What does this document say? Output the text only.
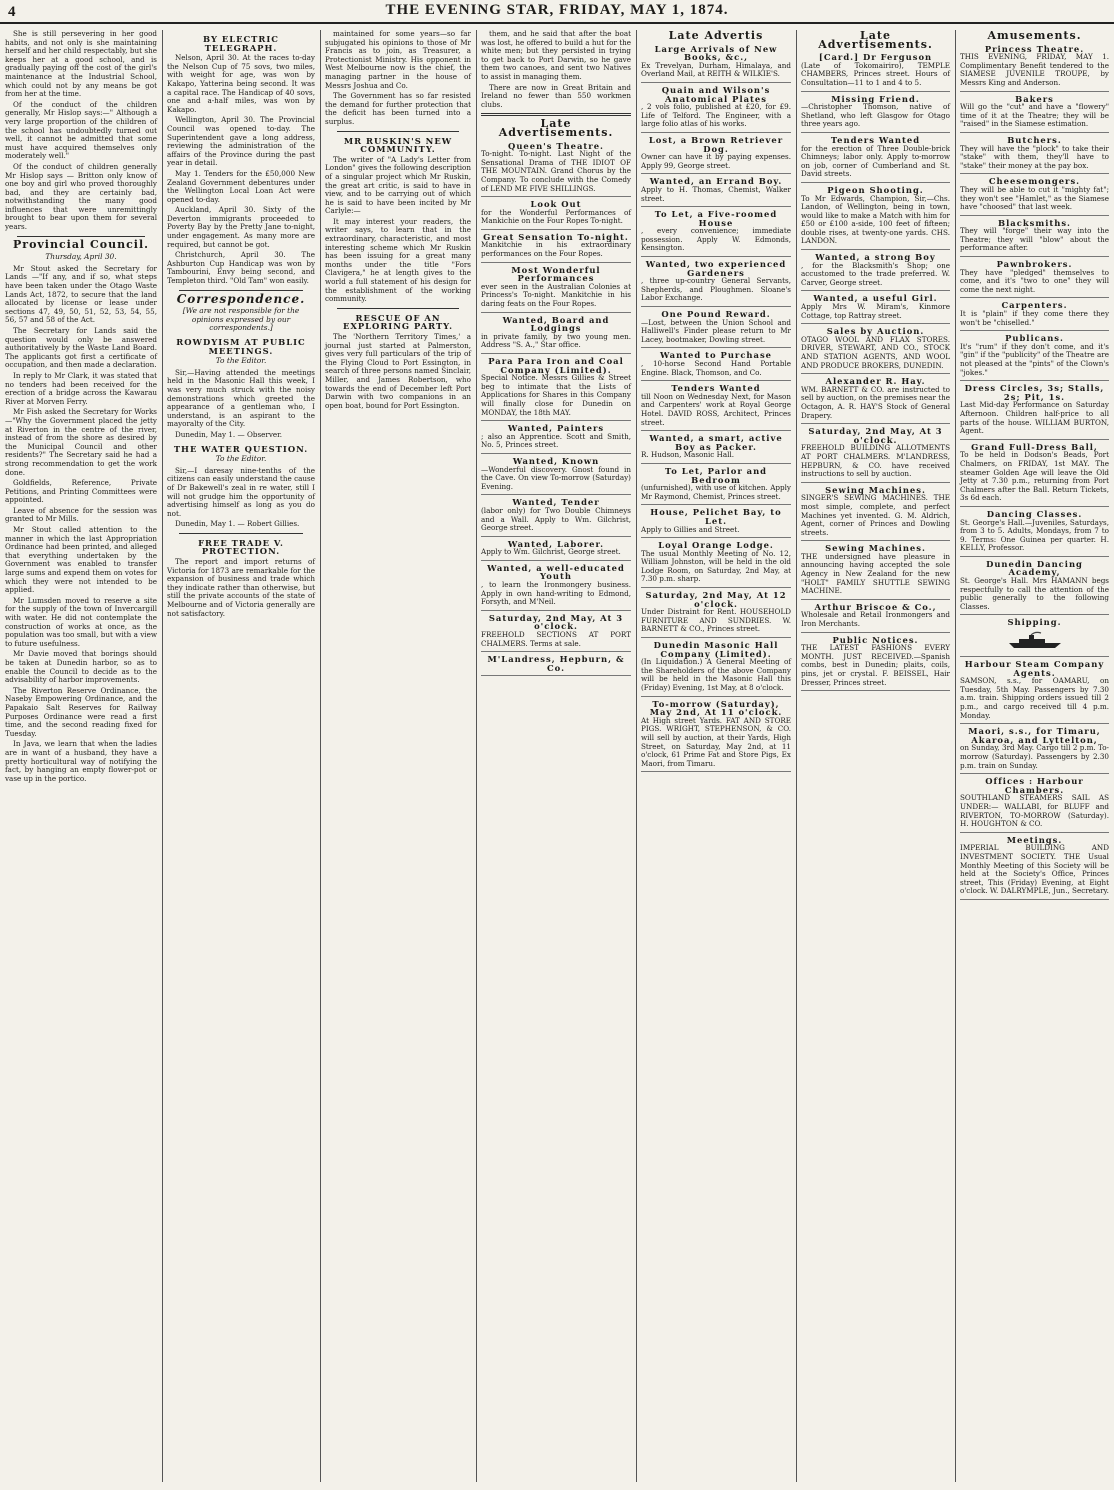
4	THE EVENING STAR, FRIDAY, MAY 1, 1874.

She is still persevering in her good habits, and not only is she maintaining herself and her child respectably, but she keeps her at a good school, and is gradually paying off the cost of the girl's maintenance at the Industrial School, which could not by any means be got from her at the time.

Of the conduct of the children generally, Mr Hislop says:—" Although a very large proportion of the children of the school has undoubtedly turned out well, it cannot be admitted that some must have acquired themselves only moderately well."

Of the conduct of children generally Mr Hislop says — Britton only know of one boy and girl who proved thoroughly bad, and they are certainly bad, notwithstanding the many good influences that were unremittingly brought to bear upon them for several years.

Provincial Council.
Thursday, April 30.

Mr Stout asked the Secretary for Lands —"If any, and if so, what steps have been taken under the Otago Waste Lands Act, 1872, to secure that the land allocated by license or lease under sections 47, 49, 50, 51, 52, 53, 54, 55, 56, 57 and 58 of the Act.

The Secretary for Lands said the question would only be answered authoritatively by the Waste Land Board. The applicants got first a certificate of occupation, and then made a declaration.

In reply to Mr Clark, it was stated that no tenders had been received for the erection of a bridge across the Kawarau River at Morven Ferry.

Mr Fish asked the Secretary for Works —"Why the Government placed the jetty at Riverton in the centre of the river, instead of from the shore as desired by the Municipal Council and other residents?" The Secretary said he had a strong recommendation to get the work done.

Goldfields, Reference, Private Petitions, and Printing Committees were appointed.

Leave of absence for the session was granted to Mr Mills.

Mr Stout called attention to the manner in which the last Appropriation Ordinance had been printed, and alleged that everything undertaken by the Government was enabled to transfer large sums and expend them on votes for which they were not intended to be applied.

Mr Lumsden moved to reserve a site for the supply of the town of Invercargill with water. He did not contemplate the construction of works at once, as the population was too small, but with a view to future usefulness.

Mr Davie moved that borings should be taken at Dunedin harbor, so as to enable the Council to decide as to the advisability of harbor improvements.

The Riverton Reserve Ordinance, the Naseby Empowering Ordinance, and the Papakaio Salt Reserves for Railway Purposes Ordinance were read a first time, and the second reading fixed for Tuesday.

In Java, we learn that when the ladies are in want of a husband, they have a pretty horticultural way of notifying the fact, by hanging an empty flower-pot or vase up in the portico.

BY ELECTRIC TELEGRAPH.

Nelson, April 30. At the races to-day the Nelson Cup of 75 sovs, two miles, with weight for age, was won by Kakapo, Yatterina being second. It was a capital race. The Handicap of 40 sovs, one and a-half miles, was won by Kakapo.

Wellington, April 30. The Provincial Council was opened to-day. The Superintendent gave a long address, reviewing the administration of the affairs of the Province during the past year in detail.

May 1. Tenders for the £50,000 New Zealand Government debentures under the Wellington Local Loan Act were opened to-day.

Auckland, April 30. Sixty of the Deverton immigrants proceeded to Poverty Bay by the Pretty Jane to-night, under engagement. As many more are required, but cannot be got.

Christchurch, April 30. The Ashburton Cup Handicap was won by Tambourini, Envy being second, and Templeton third. "Old Tam" won easily.

Correspondence.
[We are not responsible for the opinions expressed by our correspondents.]
ROWDYISM AT PUBLIC MEETINGS.
To the Editor.

Sir,—Having attended the meetings held in the Masonic Hall this week, I was very much struck with the noisy demonstrations which greeted the appearance of a gentleman who, I understand, is an aspirant to the mayoralty of the City.

Dunedin, May 1. — Observer.

THE WATER QUESTION.
To the Editor.

Sir,—I daresay nine-tenths of the citizens can easily understand the cause of Dr Bakewell's zeal in re water, still I will not grudge him the opportunity of advertising himself as long as you do not.

Dunedin, May 1. — Robert Gillies.

FREE TRADE V. PROTECTION.

The report and import returns of Victoria for 1873 are remarkable for the expansion of business and trade which they indicate rather than otherwise, but still the private accounts of the state of Melbourne and of Victoria generally are not satisfactory.

maintained for some years—so far subjugated his opinions to those of Mr Francis as to join, as Treasurer, a Protectionist Ministry. His opponent in West Melbourne now is the chief, the managing partner in the house of Messrs Joshua and Co.

The Government has so far resisted the demand for further protection that the deficit has been turned into a surplus.

MR RUSKIN'S NEW COMMUNITY.

The writer of "A Lady's Letter from London" gives the following description of a singular project which Mr Ruskin, the great art critic, is said to have in view, and to be carrying out of which he is said to have been incited by Mr Carlyle:—

It may interest your readers, the writer says, to learn that in the extraordinary, characteristic, and most interesting scheme which Mr Ruskin has been issuing for a great many months under the title "Fors Clavigera," he at length gives to the world a full statement of his design for the establishment of the working community.

RESCUE OF AN EXPLORING PARTY.

The 'Northern Territory Times,' a journal just started at Palmerston, gives very full particulars of the trip of the Flying Cloud to Port Essington, in search of three persons named Sinclair, Miller, and James Robertson, who towards the end of December left Port Darwin with two companions in an open boat, bound for Port Essington.

them, and he said that after the boat was lost, he offered to build a hut for the white men; but they persisted in trying to get back to Port Darwin, so he gave them two canoes, and sent two Natives to assist in managing them.

There are now in Great Britain and Ireland no fewer than 550 workmen clubs.

Late Advertisements.
Queen's Theatre.

To-night. To-night. Last Night of the Sensational Drama of THE IDIOT OF THE MOUNTAIN. Grand Chorus by the Company. To conclude with the Comedy of LEND ME FIVE SHILLINGS.

Look Out

for the Wonderful Performances of Mankichie on the Four Ropes To-night.

Great Sensation To-night.

Mankitchie in his extraordinary performances on the Four Ropes.

Most Wonderful Performances

ever seen in the Australian Colonies at Princess's To-night. Mankitchie in his daring feats on the Four Ropes.

Wanted, Board and Lodgings

in private family, by two young men. Address "S. A.," Star office.

Para Para Iron and Coal Company (Limited).

Special Notice. Messrs Gillies & Street beg to intimate that the Lists of Applications for Shares in this Company will finally close for Dunedin on MONDAY, the 18th MAY.

Wanted, Painters

; also an Apprentice. Scott and Smith, No. 5, Princes street.

Wanted, Known

—Wonderful discovery. Gnost found in the Cave. On view To-morrow (Saturday) Evening.

Wanted, Tender

(labor only) for Two Double Chimneys and a Wall. Apply to Wm. Gilchrist, George street.

Wanted, Laborer.

Apply to Wm. Gilchrist, George street.

Wanted, a well-educated Youth

, to learn the Ironmongery business. Apply in own hand-writing to Edmond, Forsyth, and M'Neil.

Saturday, 2nd May, At 3 o'clock.

FREEHOLD SECTIONS AT PORT CHALMERS. Terms at sale.

M'Landress, Hepburn, & Co.

Late Advertis
Large Arrivals of New Books, &c.,

Ex Trevelyan, Durham, Himalaya, and Overland Mail, at REITH & WILKIE'S.

Quain and Wilson's Anatomical Plates

, 2 vols folio, published at £20, for £9. Life of Telford. The Engineer, with a large folio atlas of his works.

Lost, a Brown Retriever Dog.

Owner can have it by paying expenses. Apply 99, George street.

Wanted, an Errand Boy.

Apply to H. Thomas, Chemist, Walker street.

To Let, a Five-roomed House

, every convenience; immediate possession. Apply W. Edmonds, Kensington.

Wanted, two experienced Gardeners

, three up-country General Servants, Shepherds, and Ploughmen. Sloane's Labor Exchange.

One Pound Reward.

—Lost, between the Union School and Halliwell's Finder please return to Mr Lacey, bootmaker, Dowling street.

Wanted to Purchase

, 10-horse Second Hand Portable Engine. Black, Thomson, and Co.

Tenders Wanted

till Noon on Wednesday Next, for Mason and Carpenters' work at Royal George Hotel. DAVID ROSS, Architect, Princes street.

Wanted, a smart, active Boy as Packer.

R. Hudson, Masonic Hall.

To Let, Parlor and Bedroom

(unfurnished), with use of kitchen. Apply Mr Raymond, Chemist, Princes street.

House, Pelichet Bay, to Let.

Apply to Gillies and Street.

Loyal Orange Lodge.

The usual Monthly Meeting of No. 12, William Johnston, will be held in the old Lodge Room, on Saturday, 2nd May, at 7.30 p.m. sharp.

Saturday, 2nd May, At 12 o'clock.

Under Distraint for Rent. HOUSEHOLD FURNITURE AND SUNDRIES. W. BARNETT & CO., Princes street.

Dunedin Masonic Hall Company (Limited).

(In Liquidation.) A General Meeting of the Shareholders of the above Company will be held in the Masonic Hall this (Friday) Evening, 1st May, at 8 o'clock.

To-morrow (Saturday), May 2nd, At 11 o'clock.

At High street Yards. FAT AND STORE PIGS. WRIGHT, STEPHENSON, & CO. will sell by auction, at their Yards, High Street, on Saturday, May 2nd, at 11 o'clock, 61 Prime Fat and Store Pigs, Ex Maori, from Timaru.

Late Advertisements.
[Card.] Dr Ferguson

(Late of Tokomairiro), TEMPLE CHAMBERS, Princes street. Hours of Consultation—11 to 1 and 4 to 5.

Missing Friend.

—Christopher Thomson, native of Shetland, who left Glasgow for Otago three years ago.

Tenders Wanted

for the erection of Three Double-brick Chimneys; labor only. Apply to-morrow on job, corner of Cumberland and St. David streets.

Pigeon Shooting.

To Mr Edwards, Champion, Sir,—Chs. Landon, of Wellington, being in town, would like to make a Match with him for £50 or £100 a-side, 100 feet of fifteen; double rises, at twenty-one yards. CHS. LANDON.

Wanted, a strong Boy

, for the Blacksmith's Shop; one accustomed to the trade preferred. W. Carver, George street.

Wanted, a useful Girl.

Apply Mrs W. Miram's, Kinmore Cottage, top Rattray street.

Sales by Auction.

OTAGO WOOL AND FLAX STORES. DRIVER, STEWART, AND CO., STOCK AND STATION AGENTS, AND WOOL AND PRODUCE BROKERS, DUNEDIN.

Alexander R. Hay.

WM. BARNETT & CO. are instructed to sell by auction, on the premises near the Octagon, A. R. HAY'S Stock of General Drapery.

Saturday, 2nd May, At 3 o'clock.

FREEHOLD BUILDING ALLOTMENTS AT PORT CHALMERS. M'LANDRESS, HEPBURN, & CO. have received instructions to sell by auction.

Sewing Machines.

SINGER'S SEWING MACHINES. THE most simple, complete, and perfect Machines yet invented. G. M. Aldrich, Agent, corner of Princes and Dowling streets.

Sewing Machines.

THE undersigned have pleasure in announcing having accepted the sole Agency in New Zealand for the new "HOLT" FAMILY SHUTTLE SEWING MACHINE.

Arthur Briscoe & Co.,

Wholesale and Retail Ironmongers and Iron Merchants.

Public Notices.

THE LATEST FASHIONS EVERY MONTH. JUST RECEIVED.—Spanish combs, best in Dunedin; plaits, coils, pins, jet or crystal. F. BEISSEL, Hair Dresser, Princes street.

Amusements.
Princess Theatre.

THIS EVENING, FRIDAY, MAY 1. Complimentary Benefit tendered to the SIAMESE JUVENILE TROUPE, by Messrs King and Anderson.

Bakers

Will go the "cut" and have a "flowery" time of it at the Theatre; they will be "raised" in the Siamese estimation.

Butchers.

They will have the "plock" to take their "stake" with them, they'll have to "stake" their money at the pay box.

Cheesemongers.

They will be able to cut it "mighty fat"; they won't see "Hamlet," as the Siamese have "choosed" that last week.

Blacksmiths.

They will "forge" their way into the Theatre; they will "blow" about the performance after.

Pawnbrokers.

They have "pledged" themselves to come, and it's "two to one" they will come the next night.

Carpenters.

It is "plain" if they come there they won't be "chiselled."

Publicans.

It's "rum" if they don't come, and it's "gin" if the "publicity" of the Theatre are not pleased at the "pints" of the Clown's "jokes."

Dress Circles, 3s; Stalls, 2s; Pit, 1s.

Last Mid-day Performance on Saturday Afternoon. Children half-price to all parts of the house. WILLIAM BURTON, Agent.

Grand Full-Dress Ball,

To be held in Dodson's Beads, Port Chalmers, on FRIDAY, 1st MAY. The steamer Golden Age will leave the Old Jetty at 7.30 p.m., returning from Port Chalmers after the Ball. Return Tickets, 3s 6d each.

Dancing Classes.

St. George's Hall.—Juveniles, Saturdays, from 3 to 5. Adults, Mondays, from 7 to 9. Terms: One Guinea per quarter. H. KELLY, Professor.

Dunedin Dancing Academy,

St. George's Hall. Mrs HAMANN begs respectfully to call the attention of the public generally to the following Classes.

Shipping.

Harbour Steam Company Agents.

SAMSON, s.s., for OAMARU, on Tuesday, 5th May. Passengers by 7.30 a.m. train. Shipping orders issued till 2 p.m., and cargo received till 4 p.m. Monday.

Maori, s.s., for Timaru, Akaroa, and Lyttelton,

on Sunday, 3rd May. Cargo till 2 p.m. To-morrow (Saturday). Passengers by 2.30 p.m. train on Sunday.

Offices : Harbour Chambers.

SOUTHLAND STEAMERS SAIL AS UNDER:— WALLABI, for BLUFF and RIVERTON, TO-MORROW (Saturday). H. HOUGHTON & CO.

Meetings.

IMPERIAL BUILDING AND INVESTMENT SOCIETY. THE Usual Monthly Meeting of this Society will be held at the Society's Office, Princes street, This (Friday) Evening, at Eight o'clock. W. DALRYMPLE, Jun., Secretary.
